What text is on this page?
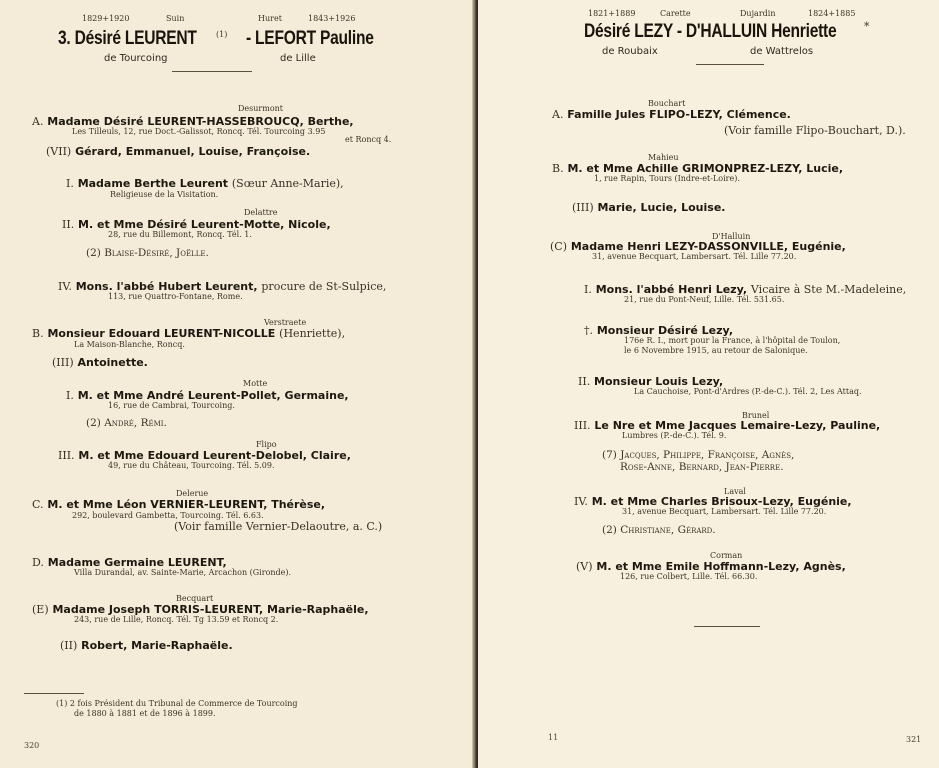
1829+1920	Suin	Huret	1843+1926
3. Désiré LEURENT (1) - LEFORT Pauline
de Tourcoing	de Lille
Desurmont
A. Madame Désiré LEURENT-HASSEBROUCQ, Berthe,
Les Tilleuls, 12, rue Doct.-Galissot, Roncq. Tél. Tourcoing 3.95
et Roncq 4.
(VII) Gérard, Emmanuel, Louise, Françoise.
I. Madame Berthe Leurent (Sœur Anne-Marie),
Religieuse de la Visitation.
Delattre
II. M. et Mme Désiré Leurent-Motte, Nicole,
28, rue du Billemont, Roncq. Tél. 1.
(2) Blaise-Désiré, Joëlle.
IV. Mons. l'abbé Hubert Leurent, procure de St-Sulpice,
113, rue Quattro-Fontane, Rome.
Verstraete
B. Monsieur Edouard LEURENT-NICOLLE (Henriette),
La Maison-Blanche, Roncq.
(III) Antoinette.
Motte
I. M. et Mme André Leurent-Pollet, Germaine,
16, rue de Cambrai, Tourcoing.
(2) André, Rémi.
Flipo
III. M. et Mme Edouard Leurent-Delobel, Claire,
49, rue du Château, Tourcoing. Tél. 5.09.
Delerue
C. M. et Mme Léon VERNIER-LEURENT, Thérèse,
292, boulevard Gambetta, Tourcoing. Tél. 6.63.
(Voir famille Vernier-Delaoutre, a. C.)
D. Madame Germaine LEURENT,
Villa Durandal, av. Sainte-Marie, Arcachon (Gironde).
Becquart
(E) Madame Joseph TORRIS-LEURENT, Marie-Raphaële,
243, rue de Lille, Roncq. Tél. Tg 13.59 et Roncq 2.
(II) Robert, Marie-Raphaële.
(1) 2 fois Président du Tribunal de Commerce de Tourcoing
de 1880 à 1881 et de 1896 à 1899.
320
1821+1889	Carette	Dujardin	1824+1885
Désiré LEZY - D'HALLUIN Henriette	*
de Roubaix	de Wattrelos
Bouchart
A. Famille Jules FLIPO-LEZY, Clémence.
(Voir famille Flipo-Bouchart, D.).
Mahieu
B. M. et Mme Achille GRIMONPREZ-LEZY, Lucie,
1, rue Rapin, Tours (Indre-et-Loire).
(III) Marie, Lucie, Louise.
D'Halluin
(C) Madame Henri LEZY-DASSONVILLE, Eugénie,
31, avenue Becquart, Lambersart. Tél. Lille 77.20.
I. Mons. l'abbé Henri Lezy, Vicaire à Ste M.-Madeleine,
21, rue du Pont-Neuf, Lille. Tél. 531.65.
†. Monsieur Désiré Lezy,
176e R. I., mort pour la France, à l'hôpital de Toulon,
le 6 Novembre 1915, au retour de Salonique.
II. Monsieur Louis Lezy,
La Cauchoise, Pont-d'Ardres (P.-de-C.). Tél. 2, Les Attaq.
Brunel
III. Le Nre et Mme Jacques Lemaire-Lezy, Pauline,
Lumbres (P.-de-C.). Tél. 9.
(7) Jacques, Philippe, Françoise, Agnès,
Rose-Anne, Bernard, Jean-Pierre.
Laval
IV. M. et Mme Charles Brisoux-Lezy, Eugénie,
31, avenue Becquart, Lambersart. Tél. Lille 77.20.
(2) Christiane, Gérard.
Corman
(V) M. et Mme Emile Hoffmann-Lezy, Agnès,
126, rue Colbert, Lille. Tél. 66.30.
11	321
